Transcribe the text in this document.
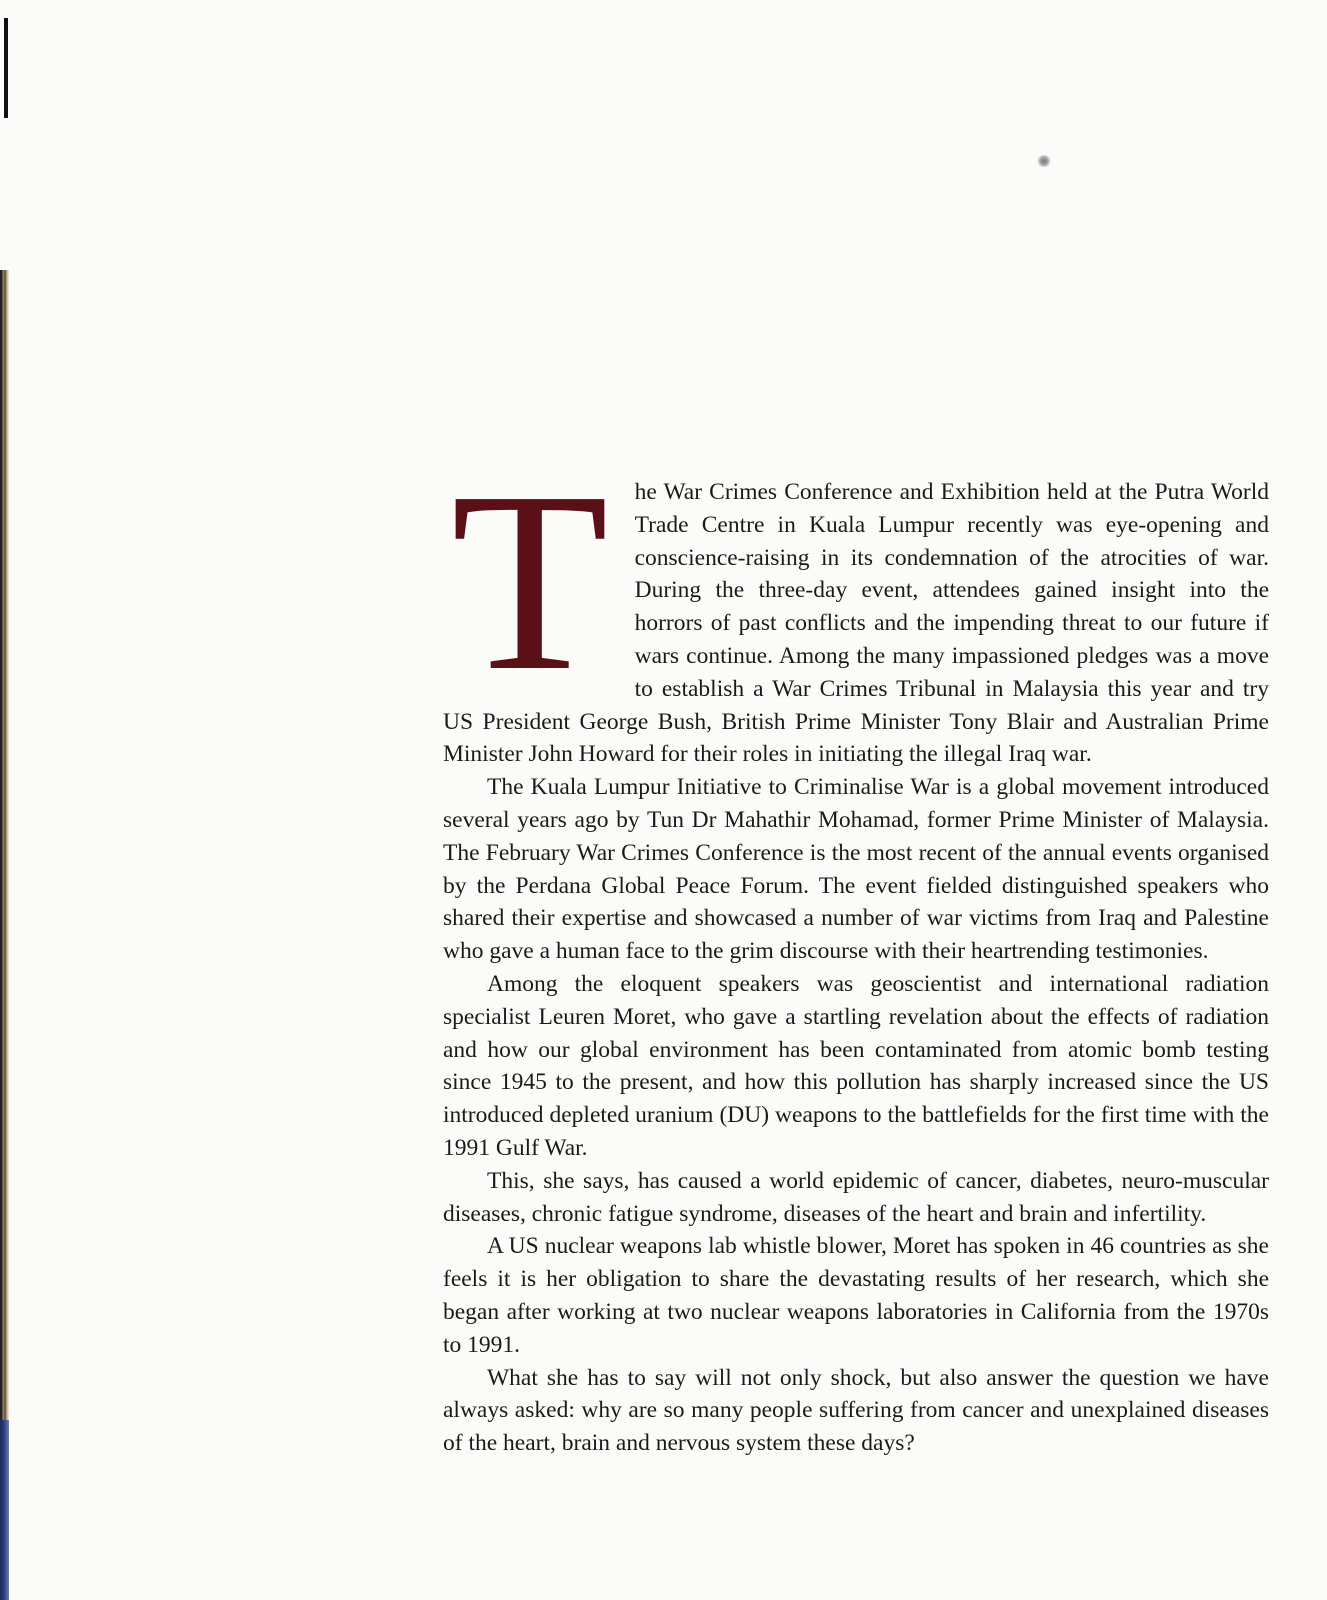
T	he War Crimes Conference and Exhibition held at the Putra World Trade Centre in Kuala Lumpur recently was eye-opening and conscience-raising in its condemnation of the atrocities of war. During the three-day event, attendees gained insight into the horrors of past conflicts and the impending threat to our future if wars continue. Among the many impassioned pledges was a move to establish a War Crimes Tribunal in Malaysia this year and try US President George Bush, British Prime Minister Tony Blair and Australian Prime Minister John Howard for their roles in initiating the illegal Iraq war.

The Kuala Lumpur Initiative to Criminalise War is a global movement introduced several years ago by Tun Dr Mahathir Mohamad, former Prime Minister of Malaysia. The February War Crimes Conference is the most recent of the annual events organised by the Perdana Global Peace Forum. The event fielded distinguished speakers who shared their expertise and showcased a number of war victims from Iraq and Palestine who gave a human face to the grim discourse with their heartrending testimonies.

Among the eloquent speakers was geoscientist and international radiation specialist Leuren Moret, who gave a startling revelation about the effects of radiation and how our global environment has been contaminated from atomic bomb testing since 1945 to the present, and how this pollution has sharply increased since the US introduced depleted uranium (DU) weapons to the battlefields for the first time with the 1991 Gulf War.

This, she says, has caused a world epidemic of cancer, diabetes, neuro-muscular diseases, chronic fatigue syndrome, diseases of the heart and brain and infertility.

A US nuclear weapons lab whistle blower, Moret has spoken in 46 countries as she feels it is her obligation to share the devastating results of her research, which she began after working at two nuclear weapons laboratories in California from the 1970s to 1991.

What she has to say will not only shock, but also answer the question we have always asked: why are so many people suffering from cancer and unexplained diseases of the heart, brain and nervous system these days?
